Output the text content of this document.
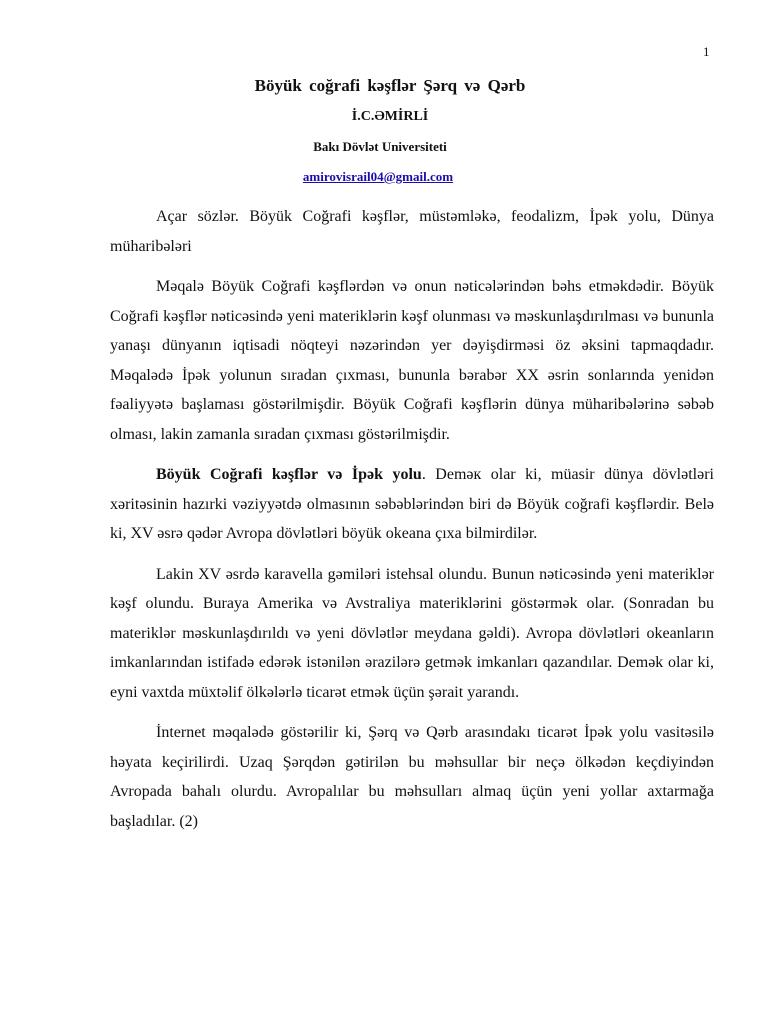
1
Böyük coğrafi kəşflər Şərq və Qərb
İ.C.ƏMİRLİ
Bakı Dövlət Universiteti
amirovisrail04@gmail.com

Açar sözlər. Böyük Coğrafi kəşflər, müstəmləkə, feodalizm, İpək yolu, Dünya müharibələri

Məqalə Böyük Coğrafi kəşflərdən və onun nəticələrindən bəhs etməkdədir. Böyük Coğrafi kəşflər nəticəsində yeni materiklərin kəşf olunması və məskunlaşdırılması və bununla yanaşı dünyanın iqtisadi nöqteyi nəzərindən yer dəyişdirməsi öz əksini tapmaqdadır. Məqalədə İpək yolunun sıradan çıxması, bununla bərabər XX əsrin sonlarında yenidən fəaliyyətə başlaması göstərilmişdir. Böyük Coğrafi kəşflərin dünya müharibələrinə səbəb olması, lakin zamanla sıradan çıxması göstərilmişdir.

Böyük Coğrafi kəşflər və İpək yolu. Deməк olar ki, müasir dünya dövlətləri xəritəsinin hazırki vəziyyətdə olmasının səbəblərindən biri də Böyük coğrafi kəşflərdir. Belə ki, XV əsrə qədər Avropa dövlətləri böyük okeana çıxa bilmirdilər.

Lakin XV əsrdə karavella gəmiləri istehsal olundu. Bunun nəticəsində yeni materiklər kəşf olundu. Buraya Amerika və Avstraliya materiklərini göstərmək olar. (Sonradan bu materiklər məskunlaşdırıldı və yeni dövlətlər meydana gəldi). Avropa dövlətləri okeanların imkanlarından istifadə edərək istənilən ərazilərə getmək imkanları qazandılar. Demək olar ki, eyni vaxtda müxtəlif ölkələrlə ticarət etmək üçün şərait yarandı.

İnternet məqalədə göstərilir ki, Şərq və Qərb arasındakı ticarət İpək yolu vasitəsilə həyata keçirilirdi. Uzaq Şərqdən gətirilən bu məhsullar bir neçə ölkədən keçdiyindən Avropada bahalı olurdu. Avropalılar bu məhsulları almaq üçün yeni yollar axtarmağa başladılar. (2)
